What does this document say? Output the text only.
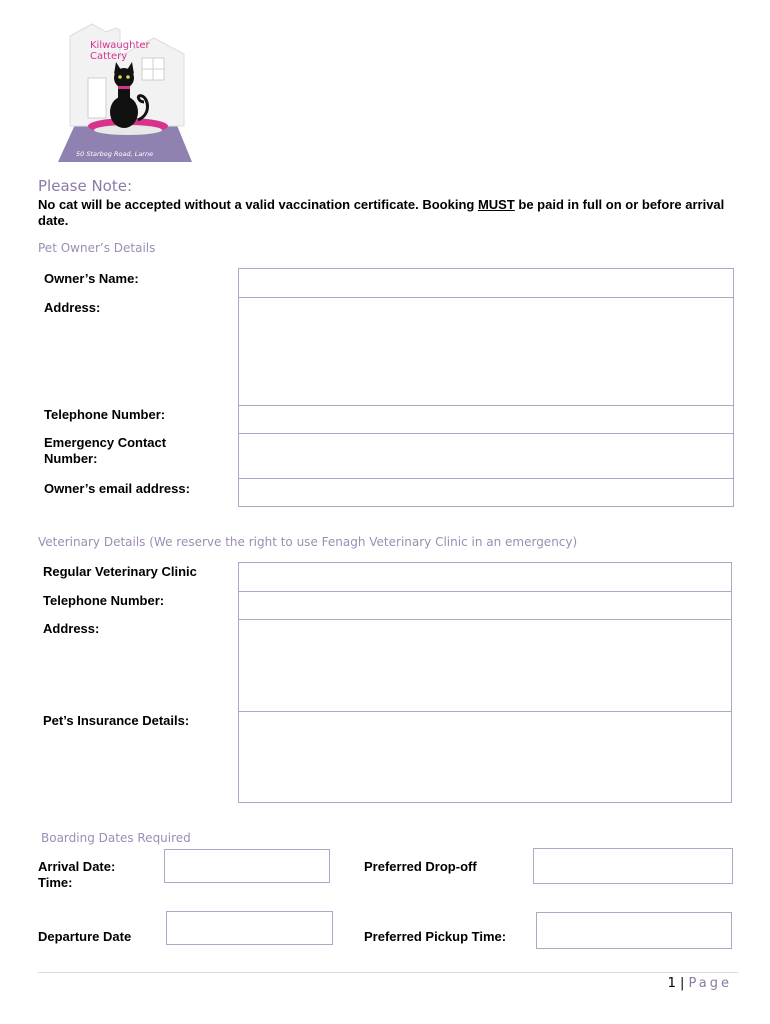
Kilwaughter
Cattery
50 Starbog Road, Larne
Please Note:
No cat will be accepted without a valid vaccination certificate. Booking MUST be paid in full on or before arrival date.
Pet Owner’s Details
Owner’s Name:
Address:
Telephone Number:
Emergency Contact
Number:
Owner’s email address:
Veterinary Details (We reserve the right to use Fenagh Veterinary Clinic in an emergency)
Regular Veterinary Clinic
Telephone Number:
Address:
Pet’s Insurance Details:
Boarding Dates Required
Arrival Date:
Time:
Preferred Drop-off
Departure Date	Preferred Pickup Time:
1 | Page
